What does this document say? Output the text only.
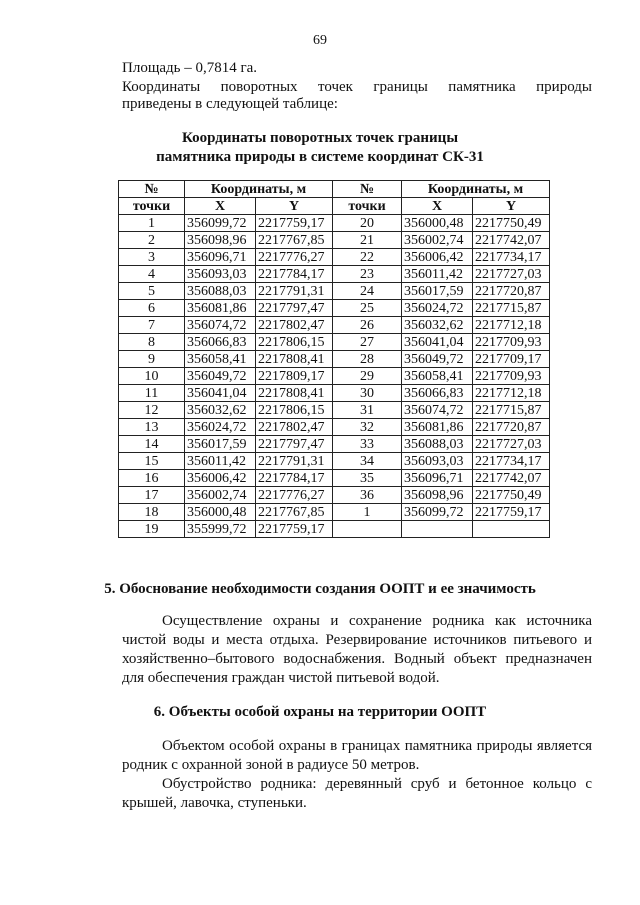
69

Площадь – 0,7814 га.

Координаты поворотных точек границы памятника природы

приведены в следующей таблице:

Координаты поворотных точек границы
памятника природы в системе координат СК-31
№	Координаты, м		№	Координаты, м	
точки	X	Y	точки	X	Y
1	356099,72	2217759,17	20	356000,48	2217750,49
2	356098,96	2217767,85	21	356002,74	2217742,07
3	356096,71	2217776,27	22	356006,42	2217734,17
4	356093,03	2217784,17	23	356011,42	2217727,03
5	356088,03	2217791,31	24	356017,59	2217720,87
6	356081,86	2217797,47	25	356024,72	2217715,87
7	356074,72	2217802,47	26	356032,62	2217712,18
8	356066,83	2217806,15	27	356041,04	2217709,93
9	356058,41	2217808,41	28	356049,72	2217709,17
10	356049,72	2217809,17	29	356058,41	2217709,93
11	356041,04	2217808,41	30	356066,83	2217712,18
12	356032,62	2217806,15	31	356074,72	2217715,87
13	356024,72	2217802,47	32	356081,86	2217720,87
14	356017,59	2217797,47	33	356088,03	2217727,03
15	356011,42	2217791,31	34	356093,03	2217734,17
16	356006,42	2217784,17	35	356096,71	2217742,07
17	356002,74	2217776,27	36	356098,96	2217750,49
18	356000,48	2217767,85	1	356099,72	2217759,17
19	355999,72	2217759,17			
5. Обоснование необходимости создания ООПТ и ее значимость

Осуществление охраны и сохранение родника как источника чистой воды и места отдыха. Резервирование источников питьевого и хозяйственно–бытового водоснабжения. Водный объект предназначен для обеспечения граждан чистой питьевой водой.

6. Объекты особой охраны на территории ООПТ

Объектом особой охраны в границах памятника природы является родник с охранной зоной в радиусе 50 метров.

Обустройство родника: деревянный сруб и бетонное кольцо с крышей, лавочка, ступеньки.
